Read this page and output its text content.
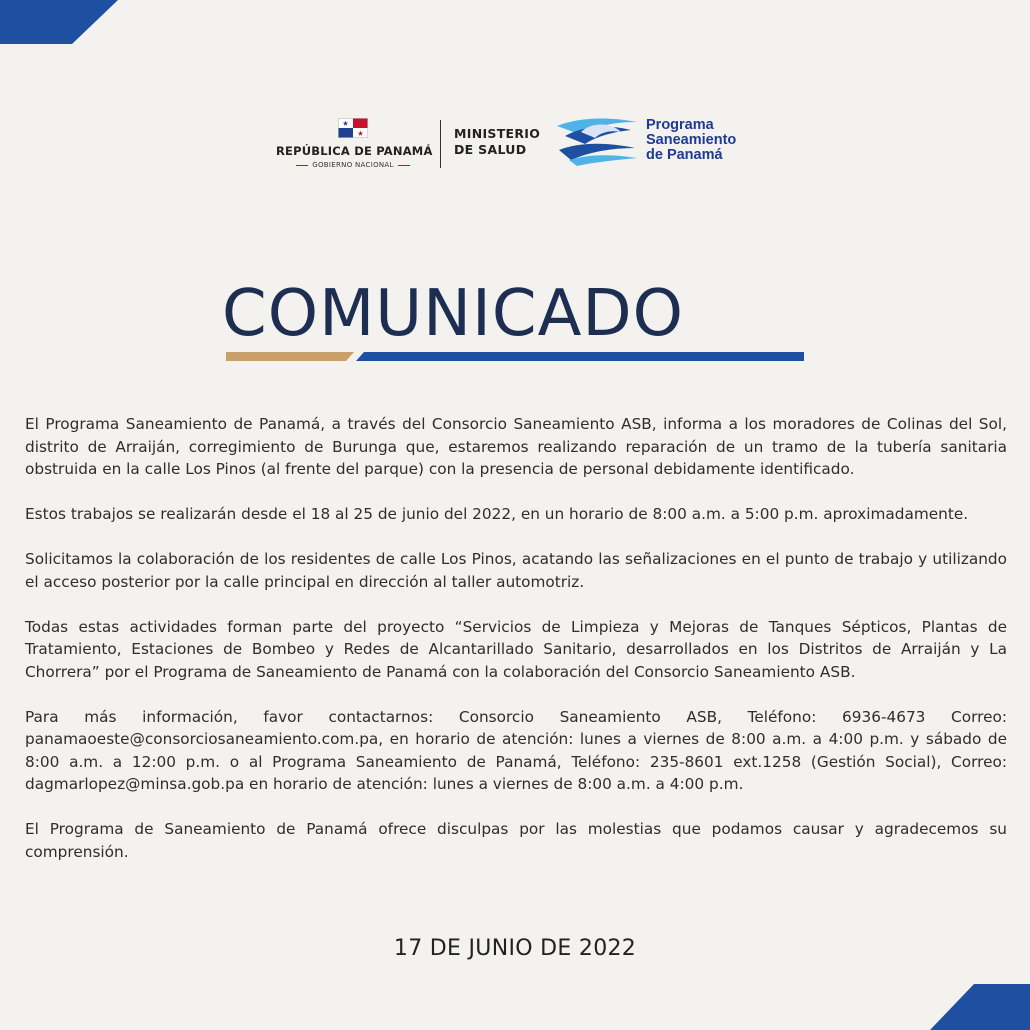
REPÚBLICA DE PANAMÁ
GOBIERNO NACIONAL
MINISTERIO
DE SALUD
Programa
Saneamiento
de Panamá
COMUNICADO

El Programa Saneamiento de Panamá, a través del Consorcio Saneamiento ASB, informa a los moradores de Colinas del Sol, distrito de Arraiján, corregimiento de Burunga que, estaremos realizando reparación de un tramo de la tubería sanitaria obstruida en la calle Los Pinos (al frente del parque) con la presencia de personal debidamente identificado.

Estos trabajos se realizarán desde el 18 al 25 de junio del 2022, en un horario de 8:00 a.m. a 5:00 p.m. aproximadamente.

Solicitamos la colaboración de los residentes de calle Los Pinos, acatando las señalizaciones en el punto de trabajo y utilizando el acceso posterior por la calle principal en dirección al taller automotriz.

Todas estas actividades forman parte del proyecto “Servicios de Limpieza y Mejoras de Tanques Sépticos, Plantas de Tratamiento, Estaciones de Bombeo y Redes de Alcantarillado Sanitario, desarrollados en los Distritos de Arraiján y La Chorrera” por el Programa de Saneamiento de Panamá con la colaboración del Consorcio Saneamiento ASB.

Para más información, favor contactarnos: Consorcio Saneamiento ASB, Teléfono: 6936-4673 Correo: panamaoeste@consorciosaneamiento.com.pa, en horario de atención: lunes a viernes de 8:00 a.m. a 4:00 p.m. y sábado de 8:00 a.m. a 12:00 p.m. o al Programa Saneamiento de Panamá, Teléfono: 235-8601 ext.1258 (Gestión Social), Correo: dagmarlopez@minsa.gob.pa en horario de atención: lunes a viernes de 8:00 a.m. a 4:00 p.m.

El Programa de Saneamiento de Panamá ofrece disculpas por las molestias que podamos causar y agradecemos su comprensión.

17 DE JUNIO DE 2022
